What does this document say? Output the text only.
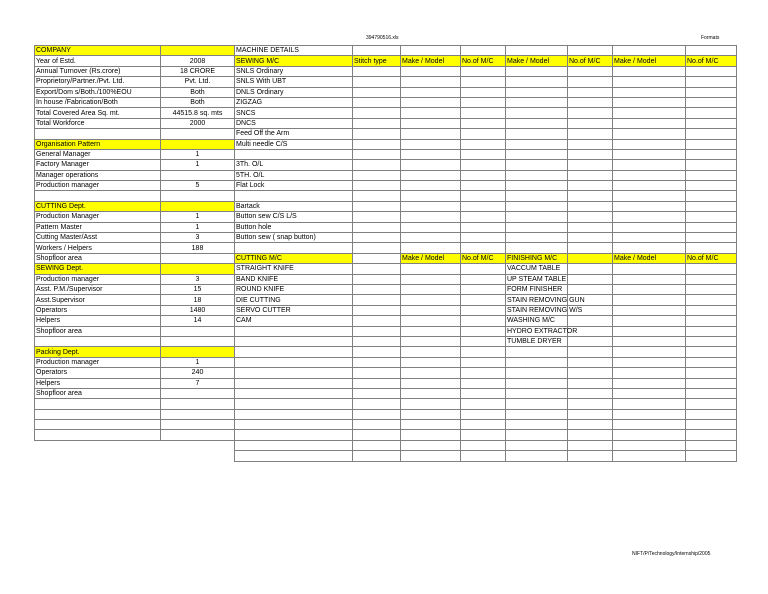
394790516.xls	Formats
COMPANY	
Year of Estd.	2008
Annual Turnover (Rs.crore)	18 CRORE
Proprietory/Partner./Pvt. Ltd.	Pvt. Ltd.
Export/Dom s/Both./100%EOU	Both
In house /Fabrication/Both	Both
Total Covered Area Sq. mt.	44515.8 sq. mts
Total Workforce	2000

Organisation Pattern	
General Manager	1
Factory Manager	1
Manager operations	
Production manager	5

CUTTING Dept.	
Production Manager	1
Pattern Master	1
Cutting Master/Asst	3
Workers / Helpers	188
Shopfloor area	
SEWING Dept.	
Production manager	3
Asst. P.M./Supervisor	15
Asst.Supervisor	18
Operators	1480
Helpers	14
Shopfloor area	

Packing Dept.	
Production manager	1
Operators	240
Helpers	7
Shopfloor area	

MACHINE DETAILS							
SEWING M/C	Stitch type	Make / Model	No.of M/C	Make / Model	No.of M/C	Make / Model	No.of M/C
SNLS Ordinary							
SNLS With UBT							
DNLS Ordinary							
ZIGZAG							
SNCS							
DNCS							
Feed Off the Arm							
Multi needle C/S							

3Th. O/L							
5TH. O/L							
Flat Lock							

Bartack							
Button sew C/S L/S							
Button hole							
Button sew ( snap button)							

CUTTING M/C		Make / Model	No.of M/C	FINISHING M/C		Make / Model	No.of M/C
STRAIGHT KNIFE				VACCUM TABLE			
BAND KNIFE				UP STEAM TABLE			
ROUND KNIFE				FORM FINISHER			
DIE CUTTING				STAIN REMOVING GUN			
SERVO CUTTER				STAIN REMOVING W/S			
CAM				WASHING M/C			
				HYDRO EXTRACTOR			
				TUMBLE DRYER			

NIFT/P/Technology/Internship/2005
